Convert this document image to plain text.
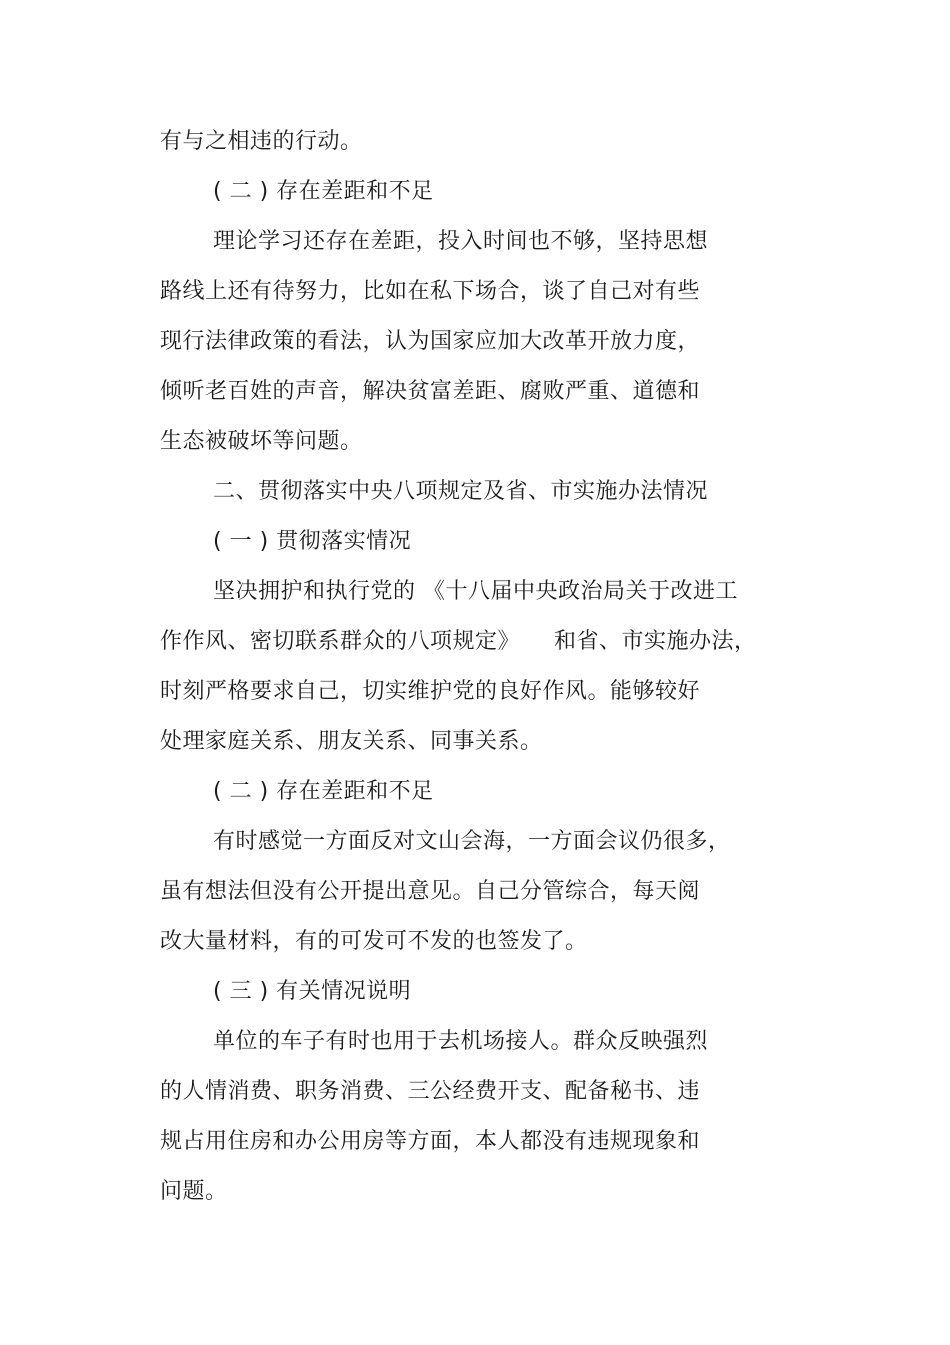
有与之相违的行动。
( 二 ) 存在差距和不足
理论学习还存在差距，投入时间也不够，坚持思想
路线上还有待努力，比如在私下场合，谈了自己对有些
现行法律政策的看法，认为国家应加大改革开放力度，
倾听老百姓的声音，解决贫富差距、腐败严重、道德和
生态被破坏等问题。
二、贯彻落实中央八项规定及省、市实施办法情况
( 一 ) 贯彻落实情况
坚决拥护和执行党的 《十八届中央政治局关于改进工
作作风、密切联系群众的八项规定》　　和省、市实施办法，
时刻严格要求自己，切实维护党的良好作风。能够较好
处理家庭关系、朋友关系、同事关系。
( 二 ) 存在差距和不足
有时感觉一方面反对文山会海，一方面会议仍很多，
虽有想法但没有公开提出意见。自己分管综合，每天阅
改大量材料，有的可发可不发的也签发了。
( 三 ) 有关情况说明
单位的车子有时也用于去机场接人。群众反映强烈
的人情消费、职务消费、三公经费开支、配备秘书、违
规占用住房和办公用房等方面，本人都没有违规现象和
问题。
